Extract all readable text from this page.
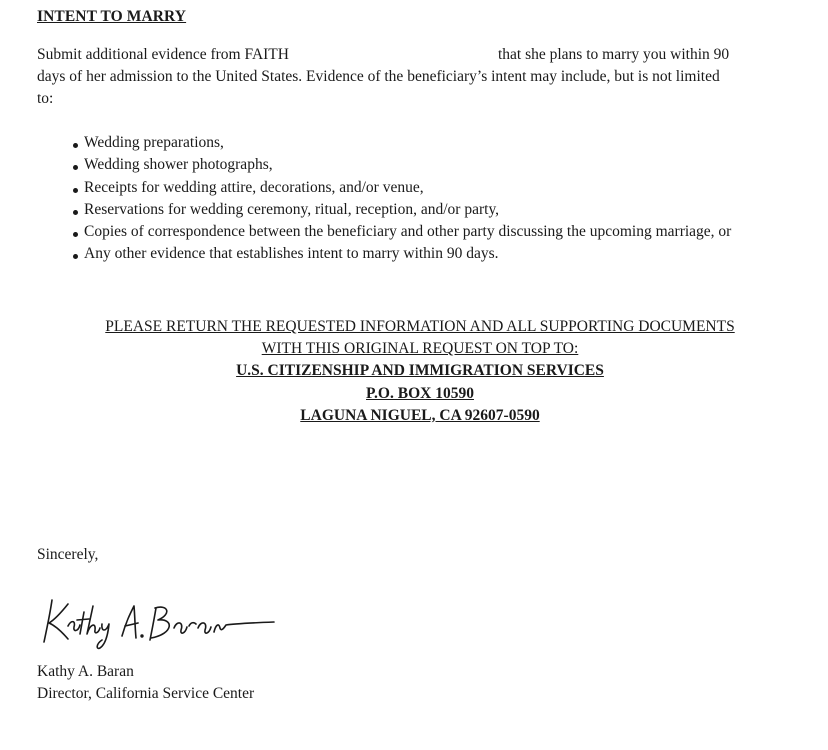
INTENT TO MARRY
Submit additional evidence from FAITH	that she plans to marry you within 90
days of her admission to the United States. Evidence of the beneficiary’s intent may include, but is not limited
to:
Wedding preparations,
Wedding shower photographs,
Receipts for wedding attire, decorations, and/or venue,
Reservations for wedding ceremony, ritual, reception, and/or party,
Copies of correspondence between the beneficiary and other party discussing the upcoming marriage, or
Any other evidence that establishes intent to marry within 90 days.
PLEASE RETURN THE REQUESTED INFORMATION AND ALL SUPPORTING DOCUMENTS
WITH THIS ORIGINAL REQUEST ON TOP TO:
U.S. CITIZENSHIP AND IMMIGRATION SERVICES
P.O. BOX 10590
LAGUNA NIGUEL, CA 92607-0590
Sincerely,
Kathy A. Baran
Director, California Service Center
